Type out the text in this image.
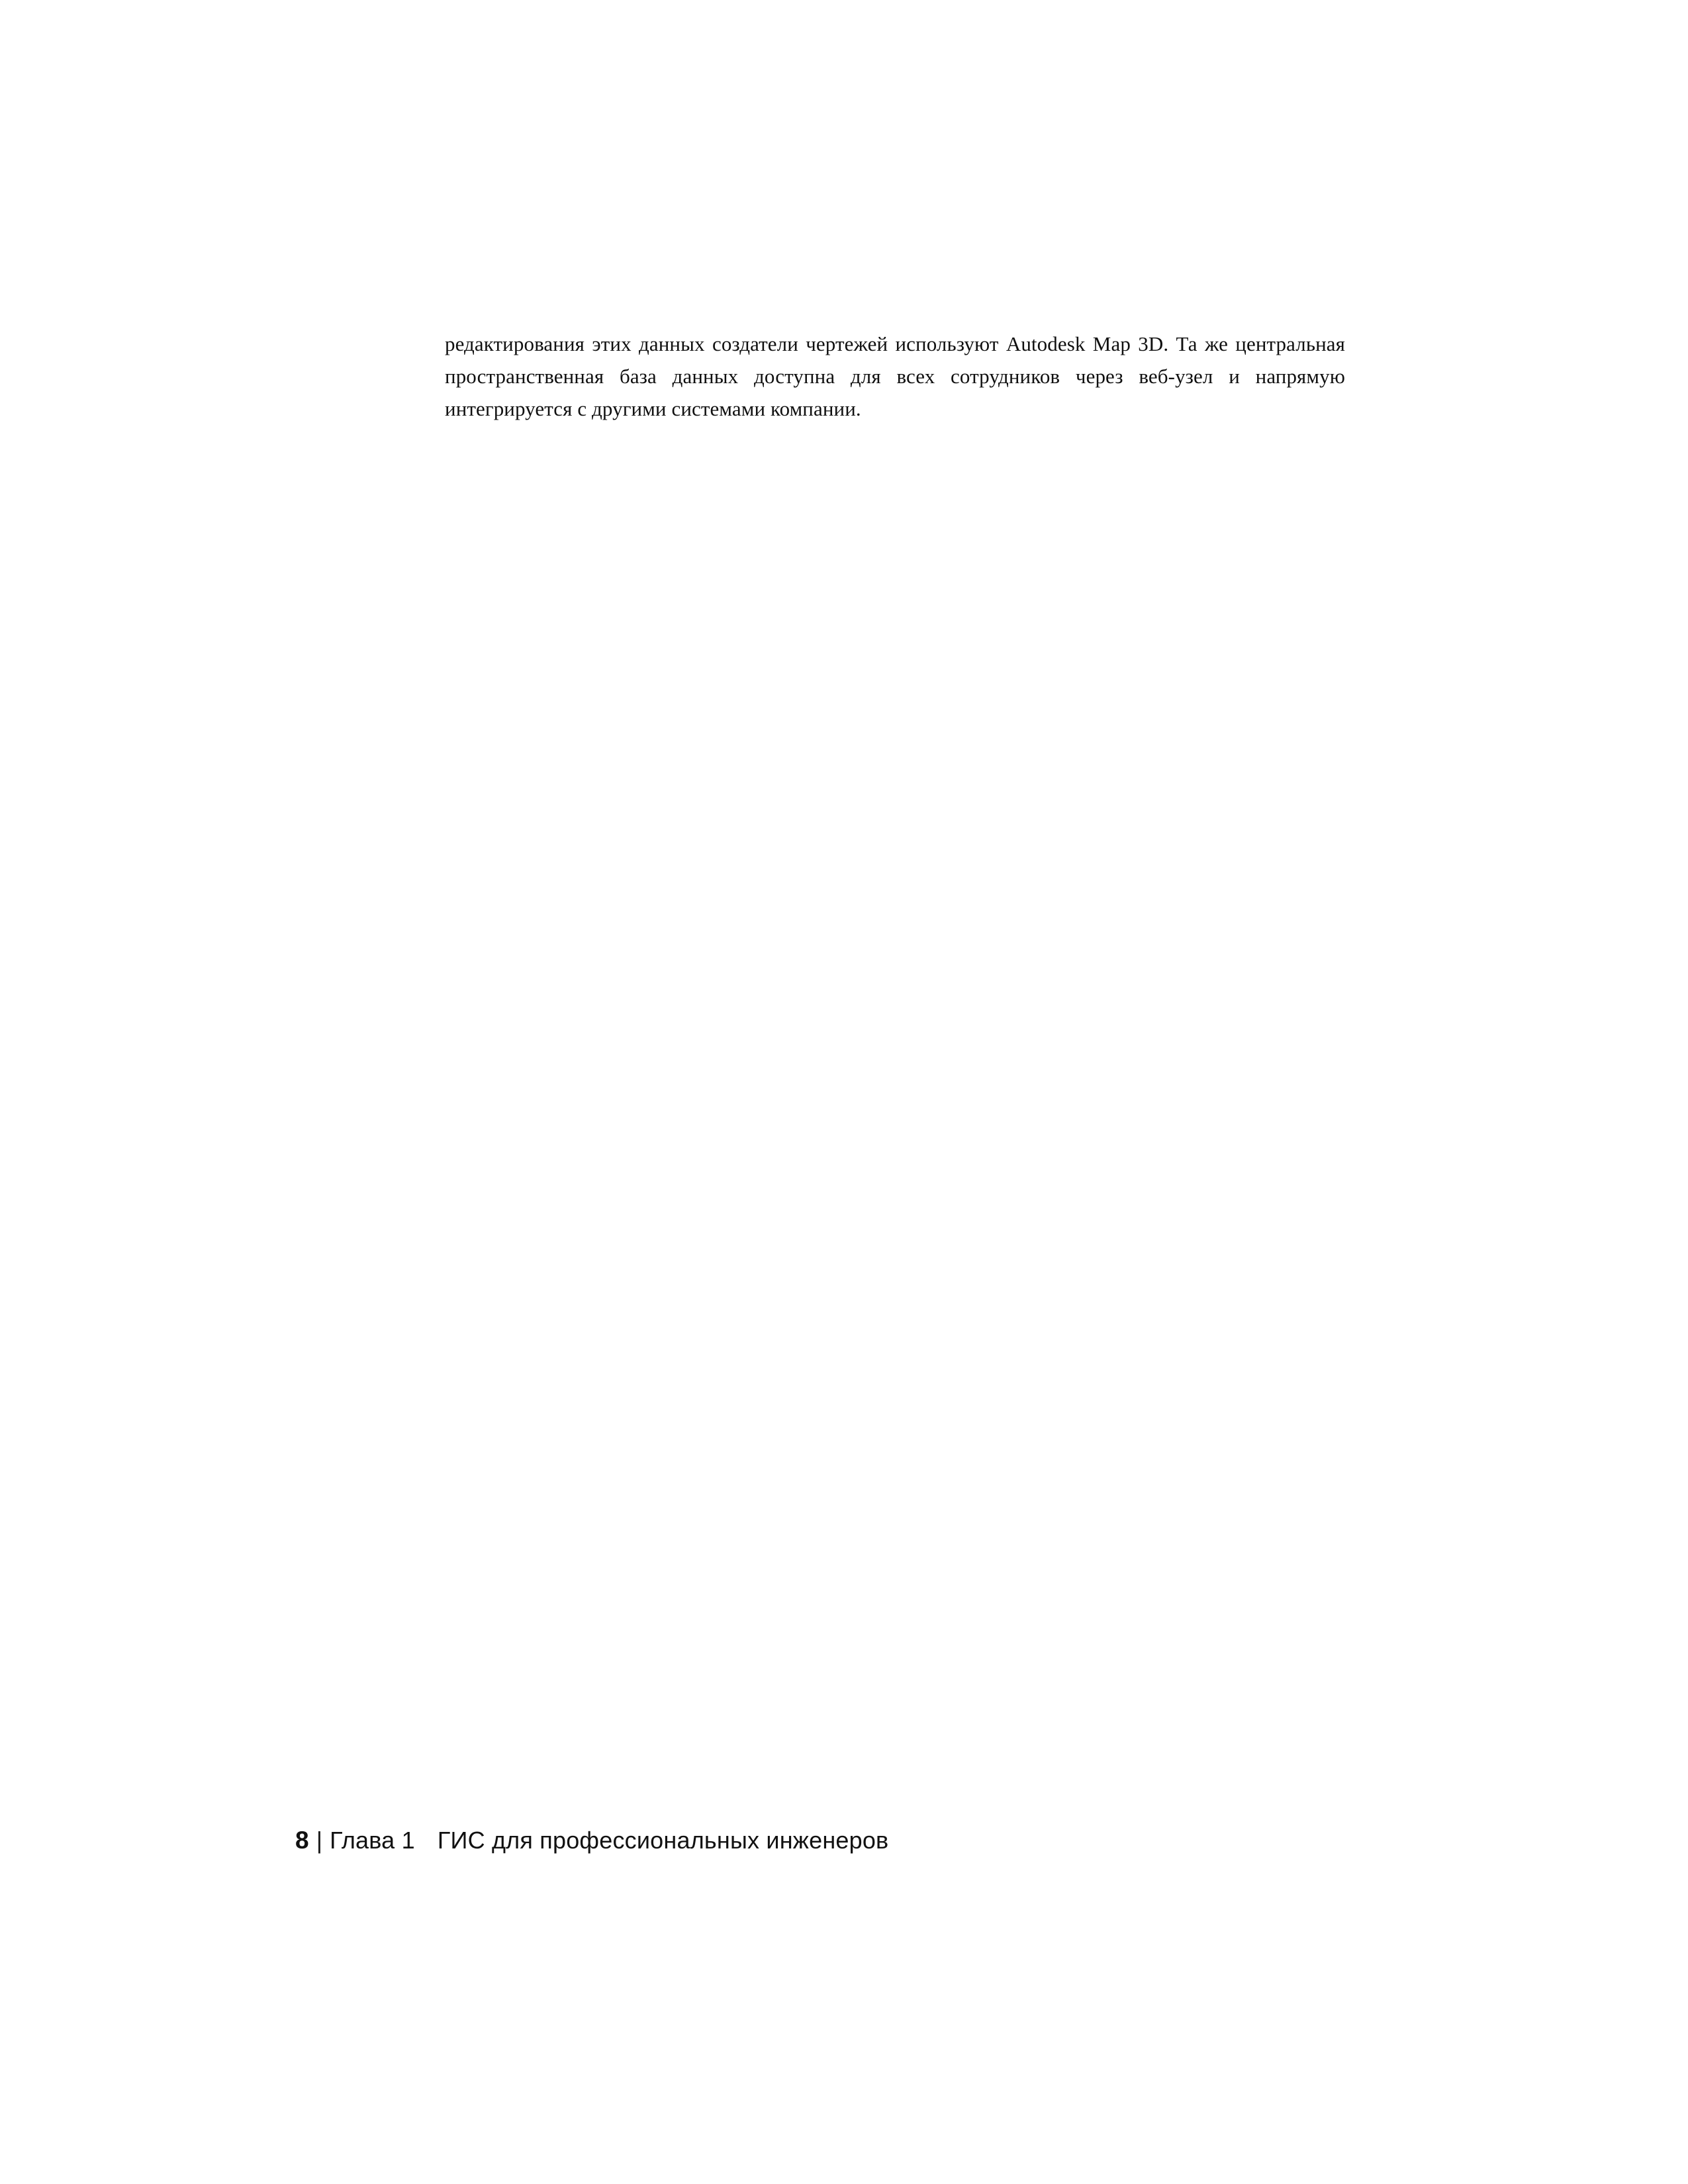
редактирования этих данных создатели чертежей используют Autodesk Map 3D. Та же центральная пространственная база данных доступна для всех сотрудников через веб-узел и напрямую интегрируется с другими системами компании.

8 | Глава 1 ГИС для профессиональных инженеров
